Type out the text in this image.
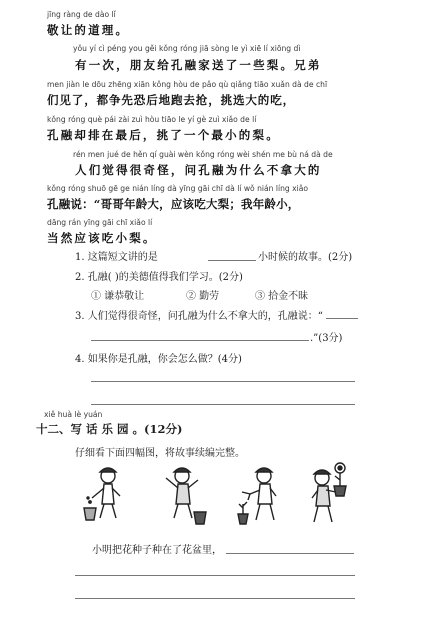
jīng ràng de dào lǐ
敬让的道理。
yǒu yí cì péng you gěi kǒng róng jiā sòng le yì xiē lí xiōng dì
有一次，朋友给孔融家送了一些梨。兄弟
men jiàn le dōu zhēng xiān kǒng hòu de pǎo qù qiǎng tiāo xuǎn dà de chī
们见了，都争先恐后地跑去抢，挑选大的吃，
kǒng róng què pái zài zuì hòu tiāo le yí gè zuì xiǎo de lí
孔融却排在最后，挑了一个最小的梨。
rén men jué de hěn qí guài wèn kǒng róng wèi shén me bù ná dà de
人们觉得很奇怪，问孔融为什么不拿大的
kǒng róng shuō gē ge nián líng dà yīng gāi chī dà lí wǒ nián líng xiǎo
孔融说：“哥哥年龄大，应该吃大梨；我年龄小，
dāng rán yīng gāi chī xiǎo lí
当然应该吃小梨。
1. 这篇短文讲的是	小时候的故事。(2分)
2. 孔融( )的美德值得我们学习。(2分)
① 谦恭敬让	② 勤劳	③ 拾金不昧
3. 人们觉得很奇怪，问孔融为什么不拿大的，孔融说：“
.”(3分)
4. 如果你是孔融，你会怎么做？(4分)
xiě huà lè yuán
十二、写 话 乐 园 。(12分)
仔细看下面四幅图，将故事续编完整。
小明把花种子种在了花盆里，
